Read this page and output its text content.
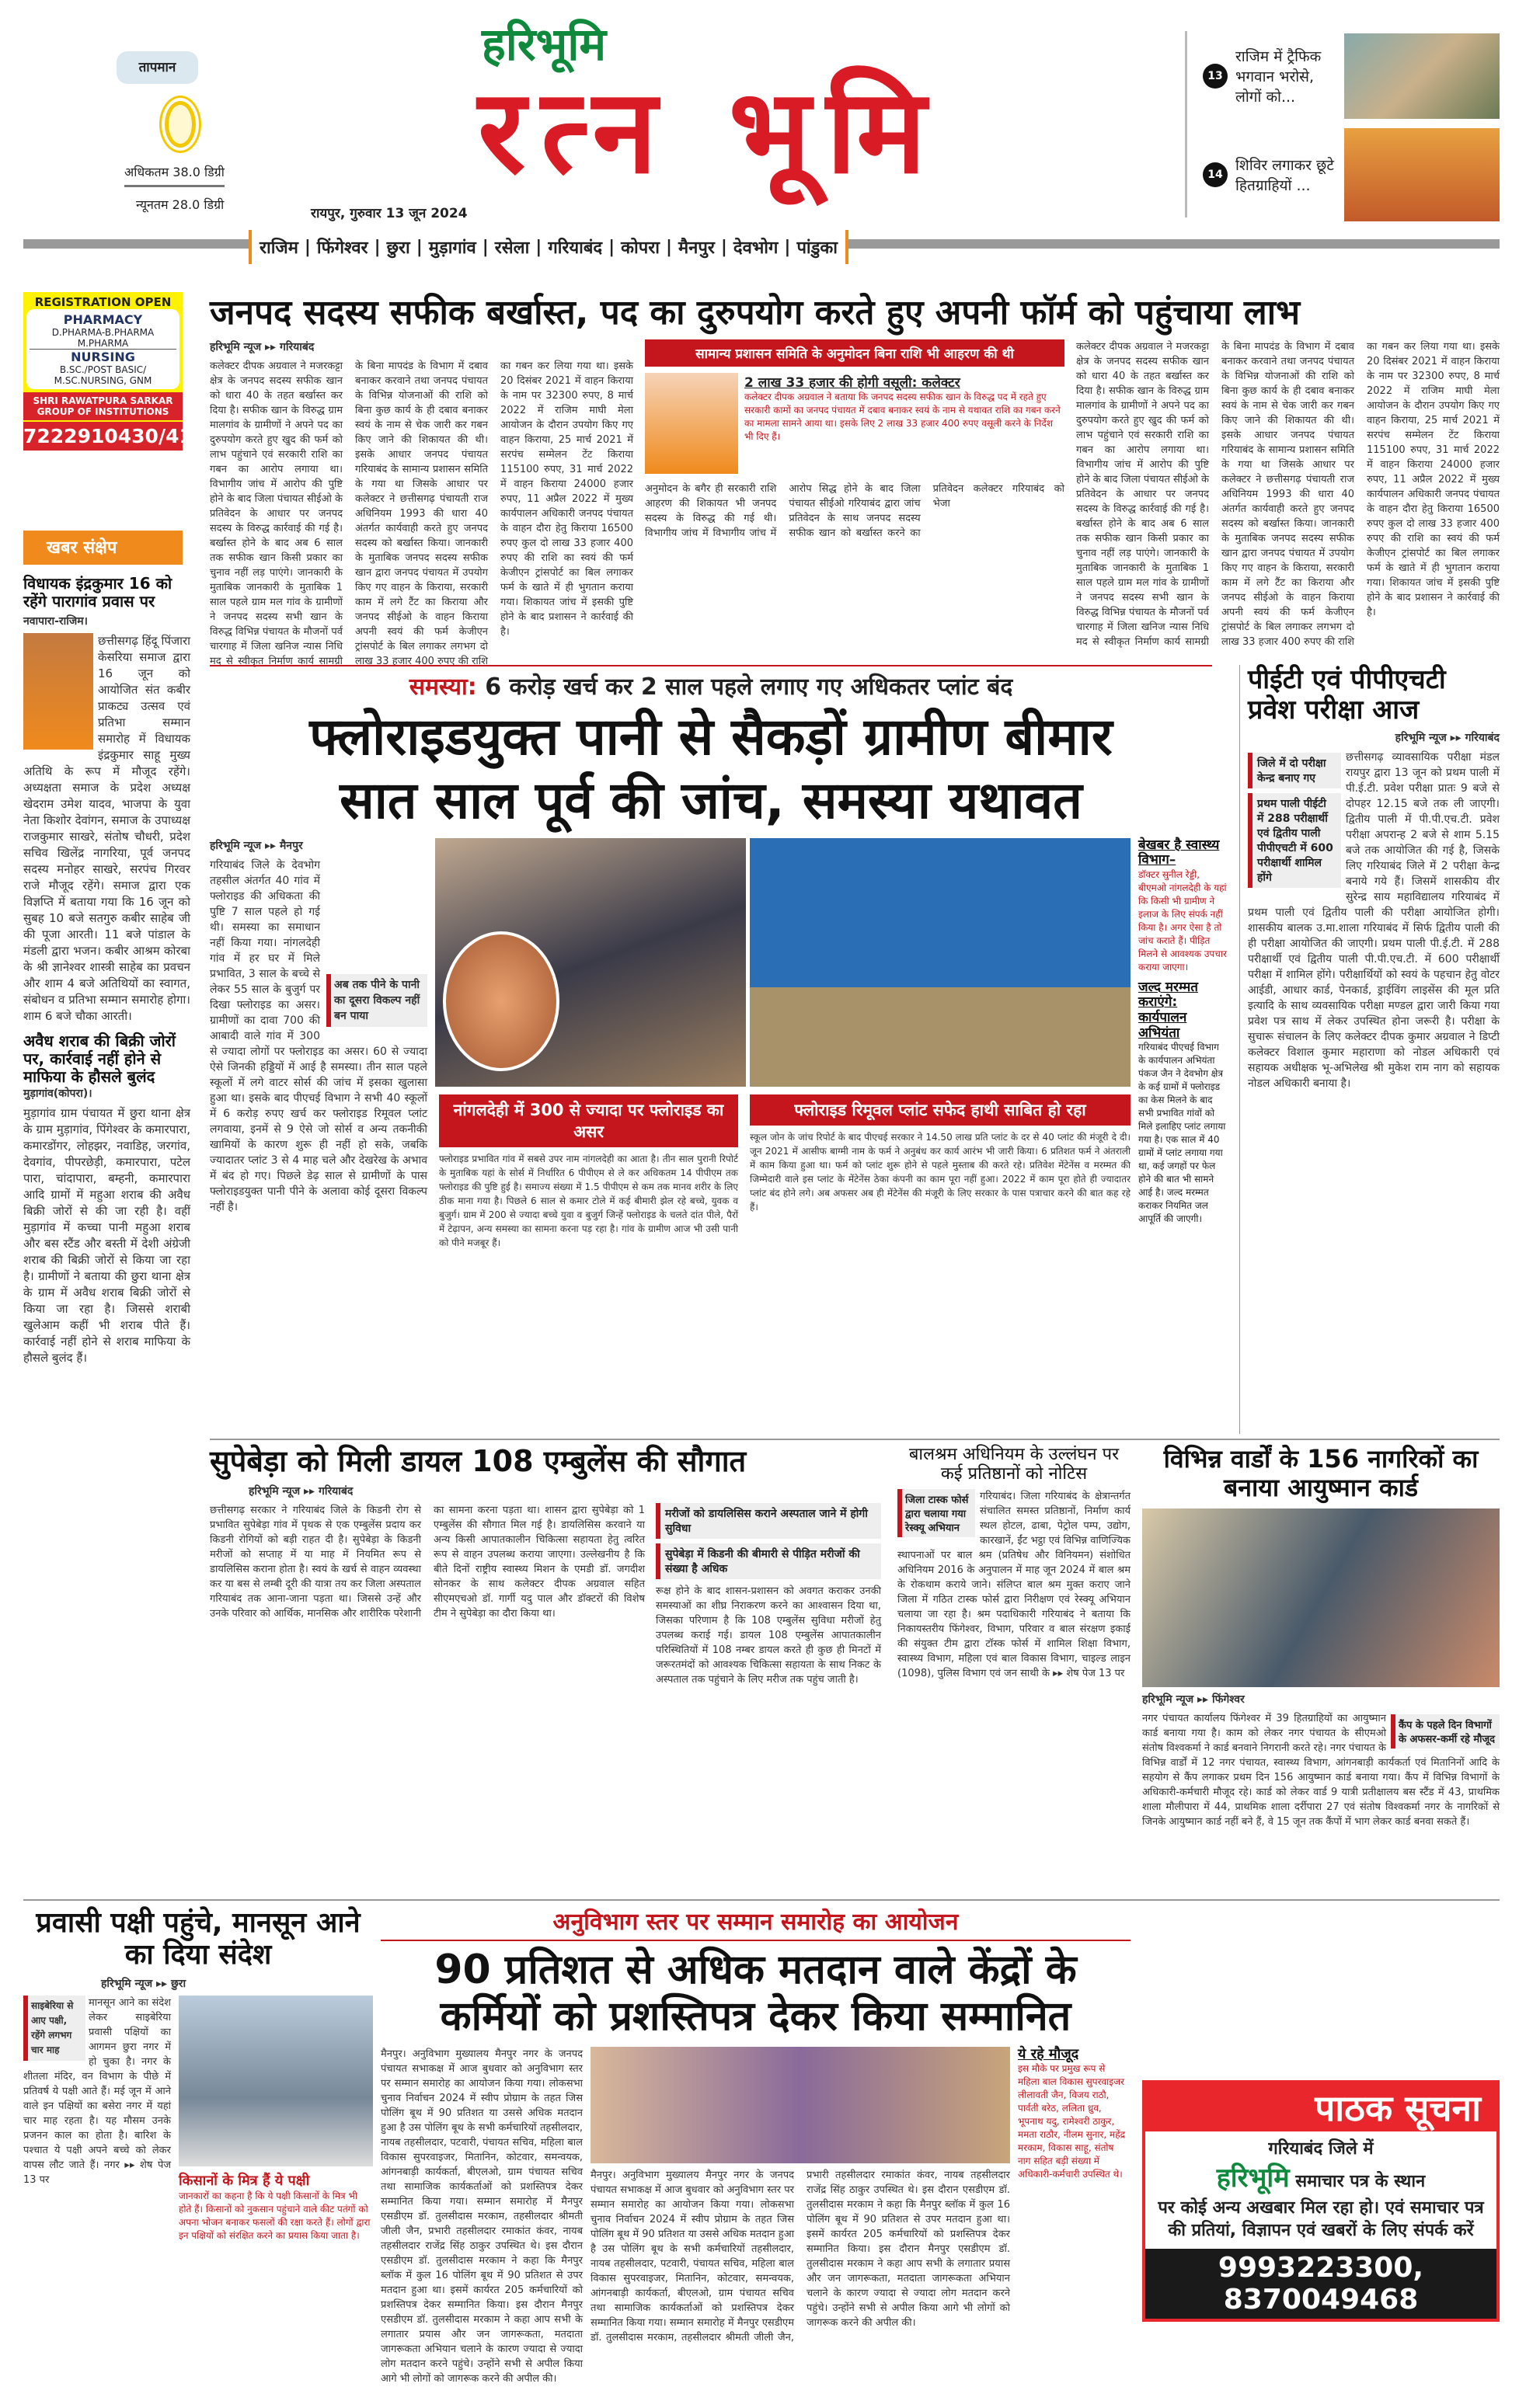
तापमान
अधिकतम 38.0 डिग्री
न्यूनतम 28.0 डिग्री
हरिभूमि
रत्न भूमि
रायपुर, गुरुवार 13 जून 2024
13
राजिम में ट्रैफिक भगवान भरोसे, लोगों को...
14
शिविर लगाकर छूटे हितग्राहियों ...
राजिम | फिंगेश्वर | छुरा | मुड़ागांव | रसेला | गरियाबंद | कोपरा | मैनपुर | देवभोग | पांडुका
REGISTRATION OPEN
PHARMACY
D.PHARMA-B.PHARMA
M.PHARMA
NURSING
B.SC./POST BASIC/
M.SC.NURSING, GNM
SHRI RAWATPURA SARKAR GROUP OF INSTITUTIONS
7222910430/41
खबर संक्षेप
विधायक इंद्रकुमार 16 को रहेंगे पारागांव प्रवास पर
नवापारा-राजिम।
छत्तीसगढ़ हिंदू पिंजारा केसरिया समाज द्वारा 16 जून को आयोजित संत कबीर प्राकट्य उत्सव एवं प्रतिभा सम्मान समारोह में विधायक इंद्रकुमार साहू मुख्य अतिथि के रूप में मौजूद रहेंगे। अध्यक्षता समाज के प्रदेश अध्यक्ष खेदराम उमेश यादव, भाजपा के युवा नेता किशोर देवांगन, समाज के उपाध्यक्ष राजकुमार साखरे, संतोष चौधरी, प्रदेश सचिव खिलेंद्र नागरिया, पूर्व जनपद सदस्य मनोहर साखरे, सरपंच गिरवर राजे मौजूद रहेंगे। समाज द्वारा एक विज्ञप्ति में बताया गया कि 16 जून को सुबह 10 बजे सतगुरु कबीर साहेब जी की पूजा आरती। 11 बजे पांडाल के मंडली द्वारा भजन। कबीर आश्रम कोरबा के श्री ज्ञानेश्वर शास्त्री साहेब का प्रवचन और शाम 4 बजे अतिथियों का स्वागत, संबोधन व प्रतिभा सम्मान समारोह होगा। शाम 6 बजे चौका आरती।
अवैध शराब की बिक्री जोरों पर, कार्रवाई नहीं होने से माफिया के हौसले बुलंद
मुड़ागांव(कोपरा)।
मुड़ागांव ग्राम पंचायत में छुरा थाना क्षेत्र के ग्राम मुड़ागांव, पिंगेश्वर के कमारपारा, कमारडोंगर, लोहझर, नवाडिह, जरगांव, देवगांव, पीपरछेड़ी, कमारपारा, पटेल पारा, चांदापारा, बम्हनी, कमारपारा आदि ग्रामों में महुआ शराब की अवैध बिक्री जोरों से की जा रही है। वहीं मुड़ागांव में कच्चा पानी महुआ शराब और बस स्टैंड और बस्ती में देशी अंग्रेजी शराब की बिक्री जोरों से किया जा रहा है। ग्रामीणों ने बताया की छुरा थाना क्षेत्र के ग्राम में अवैध शराब बिक्री जोरों से किया जा रहा है। जिससे शराबी खुलेआम कहीं भी शराब पीते हैं। कार्रवाई नहीं होने से शराब माफिया के हौसले बुलंद हैं।
जनपद सदस्य सफीक बर्खास्त, पद का दुरुपयोग करते हुए अपनी फॉर्म को पहुंचाया लाभ
हरिभूमि न्यूज ▸▸ गरियाबंद
कलेक्टर दीपक अग्रवाल ने मजरकट्टा क्षेत्र के जनपद सदस्य सफीक खान को धारा 40 के तहत बर्खास्त कर दिया है। सफीक खान के विरुद्ध ग्राम मालगांव के ग्रामीणों ने अपने पद का दुरुपयोग करते हुए खुद की फर्म को लाभ पहुंचाने एवं सरकारी राशि का गबन का आरोप लगाया था। विभागीय जांच में आरोप की पुष्टि होने के बाद जिला पंचायत सीईओ के प्रतिवेदन के आधार पर जनपद सदस्य के विरुद्ध कार्रवाई की गई है। बर्खास्त होने के बाद अब 6 साल तक सफीक खान किसी प्रकार का चुनाव नहीं लड़ पाएंगे। जानकारी के मुताबिक जानकारी के मुताबिक 1 साल पहले ग्राम मल गांव के ग्रामीणों ने जनपद सदस्य सभी खान के विरुद्ध विभिन्न पंचायत के मौजनों पर्व चारगाह में जिला खनिज न्यास निधि मद से स्वीकृत निर्माण कार्य सामग्री के बिना मापदंड के विभाग में दबाव बनाकर करवाने तथा जनपद पंचायत के विभिन्न योजनाओं की राशि को बिना कुछ कार्य के ही दबाव बनाकर स्वयं के नाम से चेक जारी कर गबन किए जाने की शिकायत की थी। इसके आधार जनपद पंचायत गरियाबंद के सामान्य प्रशासन समिति के गया था जिसके आधार पर कलेक्टर ने छत्तीसगढ़ पंचायती राज अधिनियम 1993 की धारा 40 अंतर्गत कार्यवाही करते हुए जनपद सदस्य को बर्खास्त किया। जानकारी के मुताबिक जनपद सदस्य सफीक खान द्वारा जनपद पंचायत में उपयोग किए गए वाहन के किराया, सरकारी काम में लगे टैंट का किराया और जनपद सीईओ के वाहन किराया अपनी स्वयं की फर्म केजीएन ट्रांसपोर्ट के बिल लगाकर लगभग दो लाख 33 हजार 400 रुपए की राशि का गबन कर लिया गया था। इसके 20 दिसंबर 2021 में वाहन किराया के नाम पर 32300 रुपए, 8 मार्च 2022 में राजिम माघी मेला आयोजन के दौरान उपयोग किए गए वाहन किराया, 25 मार्च 2021 में सरपंच सम्मेलन टेंट किराया 115100 रुपए, 31 मार्च 2022 में वाहन किराया 24000 हजार रुपए, 11 अप्रैल 2022 में मुख्य कार्यपालन अधिकारी जनपद पंचायत के वाहन दौरा हेतु किराया 16500 रुपए कुल दो लाख 33 हजार 400 रुपए की राशि का स्वयं की फर्म केजीएन ट्रांसपोर्ट का बिल लगाकर फर्म के खाते में ही भुगतान कराया गया। शिकायत जांच में इसकी पुष्टि होने के बाद प्रशासन ने कार्रवाई की है।
सामान्य प्रशासन समिति के अनुमोदन बिना राशि भी आहरण की थी
2 लाख 33 हजार की होगी वसूली: कलेक्टर
कलेक्टर दीपक अग्रवाल ने बताया कि जनपद सदस्य सफीक खान के विरुद्ध पद में रहते हुए सरकारी कामों का जनपद पंचायत में दबाव बनाकर स्वयं के नाम से यथावत राशि का गबन करने का मामला सामने आया था। इसके लिए 2 लाख 33 हजार 400 रुपए वसूली करने के निर्देश भी दिए हैं।
अनुमोदन के बगैर ही सरकारी राशि आहरण की शिकायत भी जनपद सदस्य के विरुद्ध की गई थी। विभागीय जांच में विभागीय जांच में आरोप सिद्ध होने के बाद जिला पंचायत सीईओ गरियाबंद द्वारा जांच प्रतिवेदन के साथ जनपद सदस्य सफीक खान को बर्खास्त करने का प्रतिवेदन कलेक्टर गरियाबंद को भेजा
कलेक्टर दीपक अग्रवाल ने मजरकट्टा क्षेत्र के जनपद सदस्य सफीक खान को धारा 40 के तहत बर्खास्त कर दिया है। सफीक खान के विरुद्ध ग्राम मालगांव के ग्रामीणों ने अपने पद का दुरुपयोग करते हुए खुद की फर्म को लाभ पहुंचाने एवं सरकारी राशि का गबन का आरोप लगाया था। विभागीय जांच में आरोप की पुष्टि होने के बाद जिला पंचायत सीईओ के प्रतिवेदन के आधार पर जनपद सदस्य के विरुद्ध कार्रवाई की गई है। बर्खास्त होने के बाद अब 6 साल तक सफीक खान किसी प्रकार का चुनाव नहीं लड़ पाएंगे। जानकारी के मुताबिक जानकारी के मुताबिक 1 साल पहले ग्राम मल गांव के ग्रामीणों ने जनपद सदस्य सभी खान के विरुद्ध विभिन्न पंचायत के मौजनों पर्व चारगाह में जिला खनिज न्यास निधि मद से स्वीकृत निर्माण कार्य सामग्री के बिना मापदंड के विभाग में दबाव बनाकर करवाने तथा जनपद पंचायत के विभिन्न योजनाओं की राशि को बिना कुछ कार्य के ही दबाव बनाकर स्वयं के नाम से चेक जारी कर गबन किए जाने की शिकायत की थी। इसके आधार जनपद पंचायत गरियाबंद के सामान्य प्रशासन समिति के गया था जिसके आधार पर कलेक्टर ने छत्तीसगढ़ पंचायती राज अधिनियम 1993 की धारा 40 अंतर्गत कार्यवाही करते हुए जनपद सदस्य को बर्खास्त किया। जानकारी के मुताबिक जनपद सदस्य सफीक खान द्वारा जनपद पंचायत में उपयोग किए गए वाहन के किराया, सरकारी काम में लगे टैंट का किराया और जनपद सीईओ के वाहन किराया अपनी स्वयं की फर्म केजीएन ट्रांसपोर्ट के बिल लगाकर लगभग दो लाख 33 हजार 400 रुपए की राशि का गबन कर लिया गया था। इसके 20 दिसंबर 2021 में वाहन किराया के नाम पर 32300 रुपए, 8 मार्च 2022 में राजिम माघी मेला आयोजन के दौरान उपयोग किए गए वाहन किराया, 25 मार्च 2021 में सरपंच सम्मेलन टेंट किराया 115100 रुपए, 31 मार्च 2022 में वाहन किराया 24000 हजार रुपए, 11 अप्रैल 2022 में मुख्य कार्यपालन अधिकारी जनपद पंचायत के वाहन दौरा हेतु किराया 16500 रुपए कुल दो लाख 33 हजार 400 रुपए की राशि का स्वयं की फर्म केजीएन ट्रांसपोर्ट का बिल लगाकर फर्म के खाते में ही भुगतान कराया गया। शिकायत जांच में इसकी पुष्टि होने के बाद प्रशासन ने कार्रवाई की है।
समस्या: 6 करोड़ खर्च कर 2 साल पहले लगाए गए अधिकतर प्लांट बंद
फ्लोराइडयुक्त पानी से सैकड़ों ग्रामीण बीमार
सात साल पूर्व की जांच, समस्या यथावत
हरिभूमि न्यूज ▸▸ मैनपुर
अब तक पीने के पानी का दूसरा विकल्प नहीं बन पाया
गरियाबंद जिले के देवभोग तहसील अंतर्गत 40 गांव में फ्लोराइड की अधिकता की पुष्टि 7 साल पहले हो गई थी। समस्या का समाधान नहीं किया गया। नांगलदेही गांव में हर घर में मिले प्रभावित, 3 साल के बच्चे से लेकर 55 साल के बुजुर्ग पर दिखा फ्लोराइड का असर। ग्रामीणों का दावा 700 की आबादी वाले गांव में 300 से ज्यादा लोगों पर फ्लोराइड का असर। 60 से ज्यादा ऐसे जिनकी हड्डियों में आई है समस्या। तीन साल पहले स्कूलों में लगे वाटर सोर्स की जांच में इसका खुलासा हुआ था। इसके बाद पीएचई विभाग ने सभी 40 स्कूलों में 6 करोड़ रुपए खर्च कर फ्लोराइड रिमूवल प्लांट लगवाया, इनमें से 9 ऐसे जो सोर्स व अन्य तकनीकी खामियों के कारण शुरू ही नहीं हो सके, जबकि ज्यादातर प्लांट 3 से 4 माह चले और देखरेख के अभाव में बंद हो गए। पिछले डेढ़ साल से ग्रामीणों के पास फ्लोराइडयुक्त पानी पीने के अलावा कोई दूसरा विकल्प नहीं है।
नांगलदेही में 300 से ज्यादा पर फ्लोराइड का असर
फ्लोराइड प्रभावित गांव में सबसे उपर नाम नांगलदेही का आता है। तीन साल पुरानी रिपोर्ट के मुताबिक यहां के सोर्स में निर्धारित 6 पीपीएम से ले कर अधिकतम 14 पीपीएम तक फ्लोराइड की पुष्टि हुई है। समाज्य संख्या में 1.5 पीपीएम से कम तक मानव शरीर के लिए ठीक माना गया है। पिछले 6 साल से कमार टोले में कई बीमारी झेल रहे बच्चे, युवक व बुजुर्ग। ग्राम में 200 से ज्यादा बच्चे युवा व बुजुर्ग जिन्हें फ्लोराइड के चलते दांत पीले, पैरों में टेढ़ापन, अन्य समस्या का सामना करना पड़ रहा है। गांव के ग्रामीण आज भी उसी पानी को पीने मजबूर हैं।
फ्लोराइड रिमूवल प्लांट सफेद हाथी साबित हो रहा
स्कूल जोन के जांच रिपोर्ट के बाद पीएचई सरकार ने 14.50 लाख प्रति प्लांट के दर से 40 प्लांट की मंजूरी दे दी। जून 2021 में आसीफ बाग्मी नाम के फर्म ने अनुबंध कर कार्य आरंभ भी जारी किया। 6 प्रतिशत फर्म ने अंतराली में काम किया हुआ था। फर्म को प्लांट शुरू होने से पहले मुस्ताब की करते रहे। प्रतिवेश मेंटेनेंस व मरम्मत की जिम्मेदारी वाले इस प्लांट के मेंटेनेंस ठेका कंपनी का काम पूरा नहीं हुआ। 2022 में काम पूरा होते ही ज्यादातर प्लांट बंद होने लगे। अब अफसर अब ही मेंटेनेंस की मंजूरी के लिए सरकार के पास पत्राचार करने की बात कह रहे हैं।
बेखबर है स्वास्थ्य विभाग–
डॉक्टर सुनील रेड्डी, बीएमओ नांगलदेही के यहां कि किसी भी ग्रामीण ने इलाज के लिए संपर्क नहीं किया है। अगर ऐसा है तो जांच कराते हैं। पीड़ित मिलने से आवश्यक उपचार कराया जाएगा।
जल्द मरम्मत कराएंगे: कार्यपालन अभियंता
गरियाबंद पीएचई विभाग के कार्यपालन अभियंता पंकज जैन ने देवभोग क्षेत्र के कई ग्रामों में फ्लोराइड का केस मिलने के बाद सभी प्रभावित गांवों को मिले इलाहिए प्लांट लगाया गया है। एक साल में 40 ग्रामों में प्लांट लगाया गया था, कई जगहों पर फेल होने की बात भी सामने आई है। जल्द मरम्मत कराकर नियमित जल आपूर्ति की जाएगी।
पीईटी एवं पीपीएचटी प्रवेश परीक्षा आज
हरिभूमि न्यूज ▸▸ गरियाबंद
जिले में दो परीक्षा केन्द्र बनाए गए
प्रथम पाली पीईटी में 288 परीक्षार्थी एवं द्वितीय पाली पीपीएचटी में 600 परीक्षार्थी शामिल होंगे
छत्तीसगढ़ व्यावसायिक परीक्षा मंडल रायपुर द्वारा 13 जून को प्रथम पाली में पी.ई.टी. प्रवेश परीक्षा प्रातः 9 बजे से दोपहर 12.15 बजे तक ली जाएगी। द्वितीय पाली में पी.पी.एच.टी. प्रवेश परीक्षा अपरान्ह 2 बजे से शाम 5.15 बजे तक आयोजित की गई है, जिसके लिए गरियाबंद जिले में 2 परीक्षा केन्द्र बनाये गये हैं। जिसमें शासकीय वीर सुरेन्द्र साय महाविद्यालय गरियाबंद में प्रथम पाली एवं द्वितीय पाली की परीक्षा आयोजित होगी। शासकीय बालक उ.मा.शाला गरियाबंद में सिर्फ द्वितीय पाली की ही परीक्षा आयोजित की जाएगी। प्रथम पाली पी.ई.टी. में 288 परीक्षार्थी एवं द्वितीय पाली पी.पी.एच.टी. में 600 परीक्षार्थी परीक्षा में शामिल होंगे। परीक्षार्थियों को स्वयं के पहचान हेतु वोटर आईडी, आधार कार्ड, पेनकार्ड, ड्राईविंग लाइसेंस की मूल प्रति इत्यादि के साथ व्यवसायिक परीक्षा मण्डल द्वारा जारी किया गया प्रवेश पत्र साथ में लेकर उपस्थित होना जरूरी है। परीक्षा के सुचारू संचालन के लिए कलेक्टर दीपक कुमार अग्रवाल ने डिप्टी कलेक्टर विशाल कुमार महाराणा को नोडल अधिकारी एवं सहायक अधीक्षक भू-अभिलेख श्री मुकेश राम नाग को सहायक नोडल अधिकारी बनाया है।
सुपेबेड़ा को मिली डायल 108 एम्बुलेंस की सौगात
हरिभूमि न्यूज ▸▸ गरियाबंद
छत्तीसगढ़ सरकार ने गरियाबंद जिले के किडनी रोग से प्रभावित सुपेबेड़ा गांव में पृथक से एक एम्बुलेंस प्रदाय कर किडनी रोगियों को बड़ी राहत दी है। सुपेबेड़ा के किडनी मरीजों को सप्ताह में या माह में नियमित रूप से डायलिसिस कराना होता है। स्वयं के खर्च से वाहन व्यवस्था कर या बस से लम्बी दूरी की यात्रा तय कर जिला अस्पताल गरियाबंद तक आना-जाना पड़ता था। जिससे उन्हें और उनके परिवार को आर्थिक, मानसिक और शारीरिक परेशानी का सामना करना पड़ता था। शासन द्वारा सुपेबेड़ा को 1 एम्बुलेंस की सौगात मिल गई है। डायलिसिस करवाने या अन्य किसी आपातकालीन चिकित्सा सहायता हेतु त्वरित रूप से वाहन उपलब्ध कराया जाएगा। उल्लेखनीय है कि बीते दिनों राष्ट्रीय स्वास्थ्य मिशन के एमडी डॉ. जगदीश सोनकर के साथ कलेक्टर दीपक अग्रवाल सहित सीएमएचओ डॉ. गार्गी यदु पाल और डॉक्टरों की विशेष टीम ने सुपेबेड़ा का दौरा किया था।
मरीजों को डायलिसिस कराने अस्पताल जाने में होगी सुविधा
सुपेबेड़ा में किडनी की बीमारी से पीड़ित मरीजों की संख्या है अधिक
रूक्ष होने के बाद शासन-प्रशासन को अवगत कराकर उनकी समस्याओं का शीघ्र निराकरण करने का आश्वासन दिया था, जिसका परिणाम है कि 108 एम्बुलेंस सुविधा मरीजों हेतु उपलब्ध कराई गई। डायल 108 एम्बुलेंस आपातकालीन परिस्थितियों में 108 नम्बर डायल करते ही कुछ ही मिनटों में जरूरतमंदों को आवश्यक चिकित्सा सहायता के साथ निकट के अस्पताल तक पहुंचाने के लिए मरीज तक पहुंच जाती है।
बालश्रम अधिनियम के उल्लंघन पर कई प्रतिष्ठानों को नोटिस
जिला टास्क फोर्स द्वारा चलाया गया रेस्क्यू अभियान
गरियाबंद। जिला गरियाबंद के क्षेत्रान्तर्गत संचालित समस्त प्रतिष्ठानों, निर्माण कार्य स्थल होटल, ढाबा, पेट्रोल पम्प, उद्योग, कारखानें, ईंट भट्ठा एवं विभिन्न वाणिज्यिक स्थापनाओं पर बाल श्रम (प्रतिषेध और विनियमन) संशोधित अधिनियम 2016 के अनुपालन में माह जून 2024 में बाल श्रम के रोकथाम कराये जाने। संलिप्त बाल श्रम मुक्त कराए जाने जिला में गठित टास्क फोर्स द्वारा निरीक्षण एवं रेस्क्यू अभियान चलाया जा रहा है। श्रम पदाधिकारी गरियाबंद ने बताया कि निकायस्तरीय फिंगेश्वर, विभाग, परिवार व बाल संरक्षण इकाई की संयुक्त टीम द्वारा टॉस्क फोर्स में शामिल शिक्षा विभाग, स्वास्थ्य विभाग, महिला एवं बाल विकास विभाग, चाइल्ड लाइन (1098), पुलिस विभाग एवं जन साथी के ▸▸ शेष पेज 13 पर
विभिन्न वार्डों के 156 नागरिकों का बनाया आयुष्मान कार्ड
हरिभूमि न्यूज ▸▸ फिंगेश्वर
कैंप के पहले दिन विभागों के अफसर-कर्मी रहे मौजूद
नगर पंचायत कार्यालय फिंगेश्वर में 39 हितग्राहियों का आयुष्मान कार्ड बनाया गया है। काम को लेकर नगर पंचायत के सीएमओ संतोष विश्वकर्मा ने कार्ड बनवाने निगरानी करते रहे। नगर पंचायत के विभिन्न वार्डों में 12 नगर पंचायत, स्वास्थ्य विभाग, आंगनबाड़ी कार्यकर्ता एवं मितानिनों आदि के सहयोग से कैंप लगाकर प्रथम दिन 156 आयुष्मान कार्ड बनाया गया। कैंप में विभिन्न विभागों के अधिकारी-कर्मचारी मौजूद रहे। कार्ड को लेकर वार्ड 9 यात्री प्रतीक्षालय बस स्टैंड में 43, प्राथमिक शाला मौलीपारा में 44, प्राथमिक शाला दर्रीपारा 27 एवं संतोष विश्वकर्मा नगर के नागरिकों से जिनके आयुष्मान कार्ड नहीं बने हैं, वे 15 जून तक कैंपों में भाग लेकर कार्ड बनवा सकते हैं।
प्रवासी पक्षी पहुंचे, मानसून आने का दिया संदेश
हरिभूमि न्यूज ▸▸ छुरा
साइबेरिया से आए पक्षी, रहेंगे लगभग चार माह
मानसून आने का संदेश लेकर साइबेरिया प्रवासी पक्षियों का आगमन छुरा नगर में हो चुका है। नगर के शीतला मंदिर, वन विभाग के पीछे में प्रतिवर्ष ये पक्षी आते हैं। मई जून में आने वाले इन पक्षियों का बसेरा नगर में यहां चार माह रहता है। यह मौसम उनके प्रजनन काल का होता है। बारिश के पश्चात ये पक्षी अपने बच्चे को लेकर वापस लौट जाते हैं। नगर ▸▸ शेष पेज 13 पर	किसानों के मित्र हैं ये पक्षी
जानकारों का कहना है कि ये पक्षी किसानों के मित्र भी होते हैं। किसानों को नुकसान पहुंचाने वाले कीट पतंगों को अपना भोजन बनाकर फसलों की रक्षा करते हैं। लोगों द्वारा इन पक्षियों को संरक्षित करने का प्रयास किया जाता है।
अनुविभाग स्तर पर सम्मान समारोह का आयोजन
90 प्रतिशत से अधिक मतदान वाले केंद्रों के कर्मियों को प्रशस्तिपत्र देकर किया सम्मानित
मैनपुर। अनुविभाग मुख्यालय मैनपुर नगर के जनपद पंचायत सभाकक्ष में आज बुधवार को अनुविभाग स्तर पर सम्मान समारोह का आयोजन किया गया। लोकसभा चुनाव निर्वाचन 2024 में स्वीप प्रोग्राम के तहत जिस पोलिंग बूथ में 90 प्रतिशत या उससे अधिक मतदान हुआ है उस पोलिंग बूथ के सभी कर्मचारियों तहसीलदार, नायब तहसीलदार, पटवारी, पंचायत सचिव, महिला बाल विकास सुपरवाइजर, मितानिन, कोटवार, समन्वयक, आंगनबाड़ी कार्यकर्ता, बीएलओ, ग्राम पंचायत सचिव तथा सामाजिक कार्यकर्ताओं को प्रशस्तिपत्र देकर सम्मानित किया गया। सम्मान समारोह में मैनपुर एसडीएम डॉ. तुलसीदास मरकाम, तहसीलदार श्रीमती जीली जैन, प्रभारी तहसीलदार रमाकांत कंवर, नायब तहसीलदार राजेंद्र सिंह ठाकुर उपस्थित थे। इस दौरान एसडीएम डॉ. तुलसीदास मरकाम ने कहा कि मैनपुर ब्लॉक में कुल 16 पोलिंग बूथ में 90 प्रतिशत से उपर मतदान हुआ था। इसमें कार्यरत 205 कर्मचारियों को प्रशस्तिपत्र देकर सम्मानित किया। इस दौरान मैनपुर एसडीएम डॉ. तुलसीदास मरकाम ने कहा आप सभी के लगातार प्रयास और जन जागरूकता, मतदाता जागरूकता अभियान चलाने के कारण ज्यादा से ज्यादा लोग मतदान करने पहुंचे। उन्होंने सभी से अपील किया आगे भी लोगों को जागरूक करने की अपील की।
मैनपुर। अनुविभाग मुख्यालय मैनपुर नगर के जनपद पंचायत सभाकक्ष में आज बुधवार को अनुविभाग स्तर पर सम्मान समारोह का आयोजन किया गया। लोकसभा चुनाव निर्वाचन 2024 में स्वीप प्रोग्राम के तहत जिस पोलिंग बूथ में 90 प्रतिशत या उससे अधिक मतदान हुआ है उस पोलिंग बूथ के सभी कर्मचारियों तहसीलदार, नायब तहसीलदार, पटवारी, पंचायत सचिव, महिला बाल विकास सुपरवाइजर, मितानिन, कोटवार, समन्वयक, आंगनबाड़ी कार्यकर्ता, बीएलओ, ग्राम पंचायत सचिव तथा सामाजिक कार्यकर्ताओं को प्रशस्तिपत्र देकर सम्मानित किया गया। सम्मान समारोह में मैनपुर एसडीएम डॉ. तुलसीदास मरकाम, तहसीलदार श्रीमती जीली जैन, प्रभारी तहसीलदार रमाकांत कंवर, नायब तहसीलदार राजेंद्र सिंह ठाकुर उपस्थित थे। इस दौरान एसडीएम डॉ. तुलसीदास मरकाम ने कहा कि मैनपुर ब्लॉक में कुल 16 पोलिंग बूथ में 90 प्रतिशत से उपर मतदान हुआ था। इसमें कार्यरत 205 कर्मचारियों को प्रशस्तिपत्र देकर सम्मानित किया। इस दौरान मैनपुर एसडीएम डॉ. तुलसीदास मरकाम ने कहा आप सभी के लगातार प्रयास और जन जागरूकता, मतदाता जागरूकता अभियान चलाने के कारण ज्यादा से ज्यादा लोग मतदान करने पहुंचे। उन्होंने सभी से अपील किया आगे भी लोगों को जागरूक करने की अपील की।
ये रहे मौजूद
इस मौके पर प्रमुख रूप से महिला बाल विकास सुपरवाइजर लीलावती जैन, विजय राठौ, पार्वती बरेठ, ललिता ध्रुव, भूपनाथ यदु, रामेश्वरी ठाकुर, ममता राठौर, नीलम सुनार, महेंद्र मरकाम, विकास साहू, संतोष नाग सहित बड़ी संख्या में अधिकारी-कर्मचारी उपस्थित थे।
पाठक सूचना
गरियाबंद जिले में
हरिभूमि समाचार पत्र के स्थान
पर कोई अन्य अखबार मिल रहा हो। एवं समाचार पत्र की प्रतियां, विज्ञापन एवं खबरों के लिए संपर्क करें
9993223300, 8370049468
